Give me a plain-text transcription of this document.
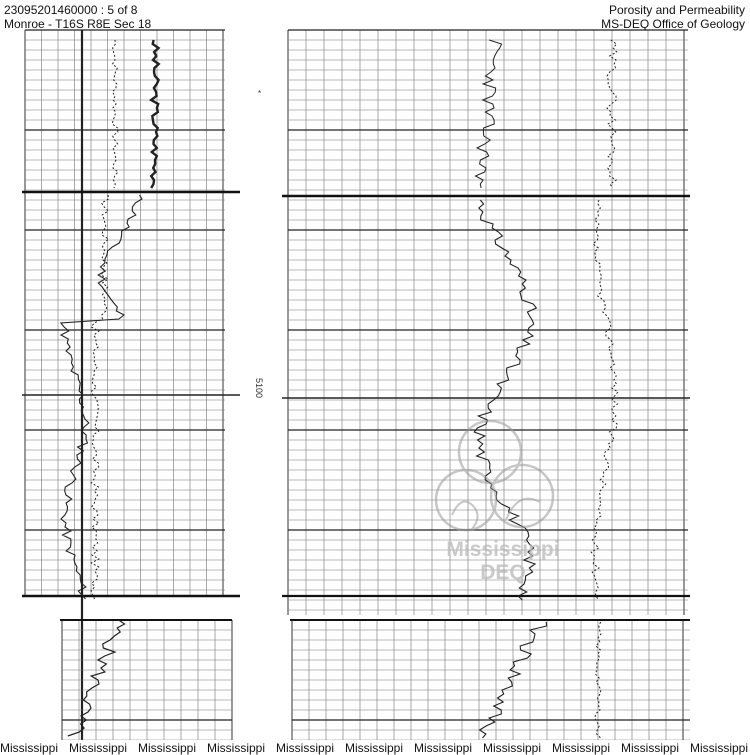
23095201460000 : 5 of 8
Monroe - T16S R8E Sec 18
Porosity and Permeability
MS-DEQ Office of Geology
5100
*
Mississippi
DEQ
Mississippi Mississippi Mississippi Mississippi Mississippi Mississippi Mississippi Mississippi Mississippi Mississippi Mississippi
